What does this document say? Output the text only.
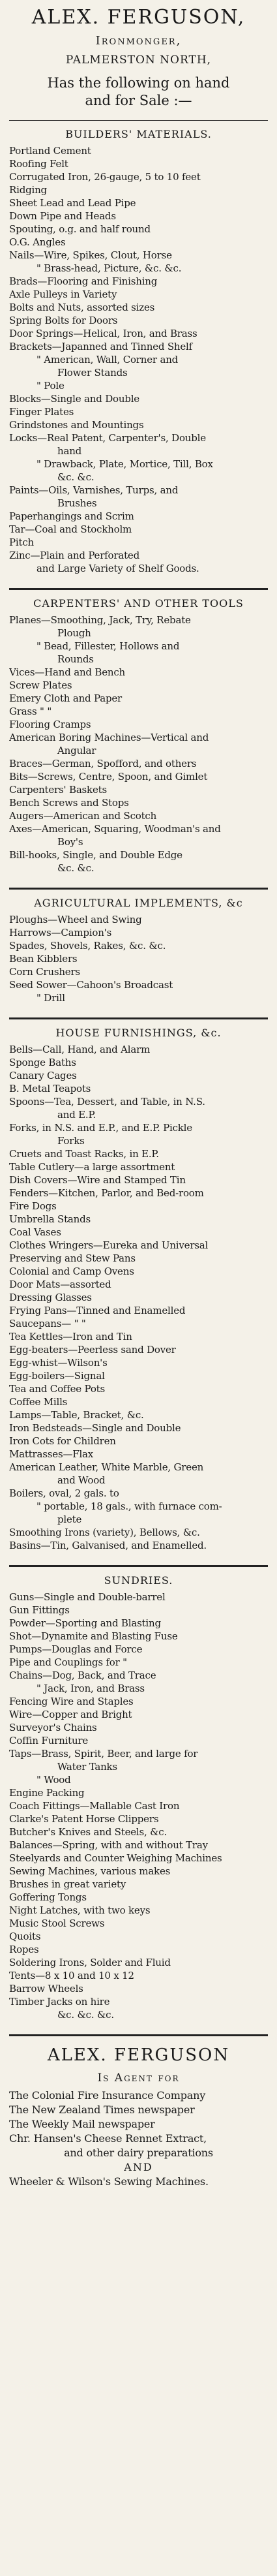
ALEX. FERGUSON,
Ironmonger,
PALMERSTON NORTH,
Has the following on hand
and for Sale :—
BUILDERS' MATERIALS.
Portland Cement
Roofing Felt
Corrugated Iron, 26-gauge, 5 to 10 feet
Ridging
Sheet Lead and Lead Pipe
Down Pipe and Heads
Spouting, o.g. and half round
O.G. Angles
Nails—Wire, Spikes, Clout, Horse
" Brass-head, Picture, &c. &c.
Brads—Flooring and Finishing
Axle Pulleys in Variety
Bolts and Nuts, assorted sizes
Spring Bolts for Doors
Door Springs—Helical, Iron, and Brass
Brackets—Japanned and Tinned Shelf
" American, Wall, Corner and
Flower Stands
" Pole
Blocks—Single and Double
Finger Plates
Grindstones and Mountings
Locks—Real Patent, Carpenter's, Double
hand
" Drawback, Plate, Mortice, Till, Box
&c. &c.
Paints—Oils, Varnishes, Turps, and
Brushes
Paperhangings and Scrim
Tar—Coal and Stockholm
Pitch
Zinc—Plain and Perforated
and Large Variety of Shelf Goods.
CARPENTERS' AND OTHER TOOLS
Planes—Smoothing, Jack, Try, Rebate
Plough
" Bead, Fillester, Hollows and
Rounds
Vices—Hand and Bench
Screw Plates
Emery Cloth and Paper
Grass " "
Flooring Cramps
American Boring Machines—Vertical and
Angular
Braces—German, Spofford, and others
Bits—Screws, Centre, Spoon, and Gimlet
Carpenters' Baskets
Bench Screws and Stops
Augers—American and Scotch
Axes—American, Squaring, Woodman's and
Boy's
Bill-hooks, Single, and Double Edge
&c. &c.
AGRICULTURAL IMPLEMENTS, &c
Ploughs—Wheel and Swing
Harrows—Campion's
Spades, Shovels, Rakes, &c. &c.
Bean Kibblers
Corn Crushers
Seed Sower—Cahoon's Broadcast
" Drill
HOUSE FURNISHINGS, &c.
Bells—Call, Hand, and Alarm
Sponge Baths
Canary Cages
B. Metal Teapots
Spoons—Tea, Dessert, and Table, in N.S.
and E.P.
Forks, in N.S. and E.P., and E.P. Pickle
Forks
Cruets and Toast Racks, in E.P.
Table Cutlery—a large assortment
Dish Covers—Wire and Stamped Tin
Fenders—Kitchen, Parlor, and Bed-room
Fire Dogs
Umbrella Stands
Coal Vases
Clothes Wringers—Eureka and Universal
Preserving and Stew Pans
Colonial and Camp Ovens
Door Mats—assorted
Dressing Glasses
Frying Pans—Tinned and Enamelled
Saucepans— " "
Tea Kettles—Iron and Tin
Egg-beaters—Peerless sand Dover
Egg-whist—Wilson's
Egg-boilers—Signal
Tea and Coffee Pots
Coffee Mills
Lamps—Table, Bracket, &c.
Iron Bedsteads—Single and Double
Iron Cots for Children
Mattrasses—Flax
American Leather, White Marble, Green
and Wood
Boilers, oval, 2 gals. to
" portable, 18 gals., with furnace com-
plete
Smoothing Irons (variety), Bellows, &c.
Basins—Tin, Galvanised, and Enamelled.
SUNDRIES.
Guns—Single and Double-barrel
Gun Fittings
Powder—Sporting and Blasting
Shot—Dynamite and Blasting Fuse
Pumps—Douglas and Force
Pipe and Couplings for "
Chains—Dog, Back, and Trace
" Jack, Iron, and Brass
Fencing Wire and Staples
Wire—Copper and Bright
Surveyor's Chains
Coffin Furniture
Taps—Brass, Spirit, Beer, and large for
Water Tanks
" Wood
Engine Packing
Coach Fittings—Mallable Cast Iron
Clarke's Patent Horse Clippers
Butcher's Knives and Steels, &c.
Balances—Spring, with and without Tray
Steelyards and Counter Weighing Machines
Sewing Machines, various makes
Brushes in great variety
Goffering Tongs
Night Latches, with two keys
Music Stool Screws
Quoits
Ropes
Soldering Irons, Solder and Fluid
Tents—8 x 10 and 10 x 12
Barrow Wheels
Timber Jacks on hire
&c. &c. &c.
ALEX. FERGUSON
Is Agent for
The Colonial Fire Insurance Company
The New Zealand Times newspaper
The Weekly Mail newspaper
Chr. Hansen's Cheese Rennet Extract,
and other dairy preparations
AND
Wheeler & Wilson's Sewing Machines.
